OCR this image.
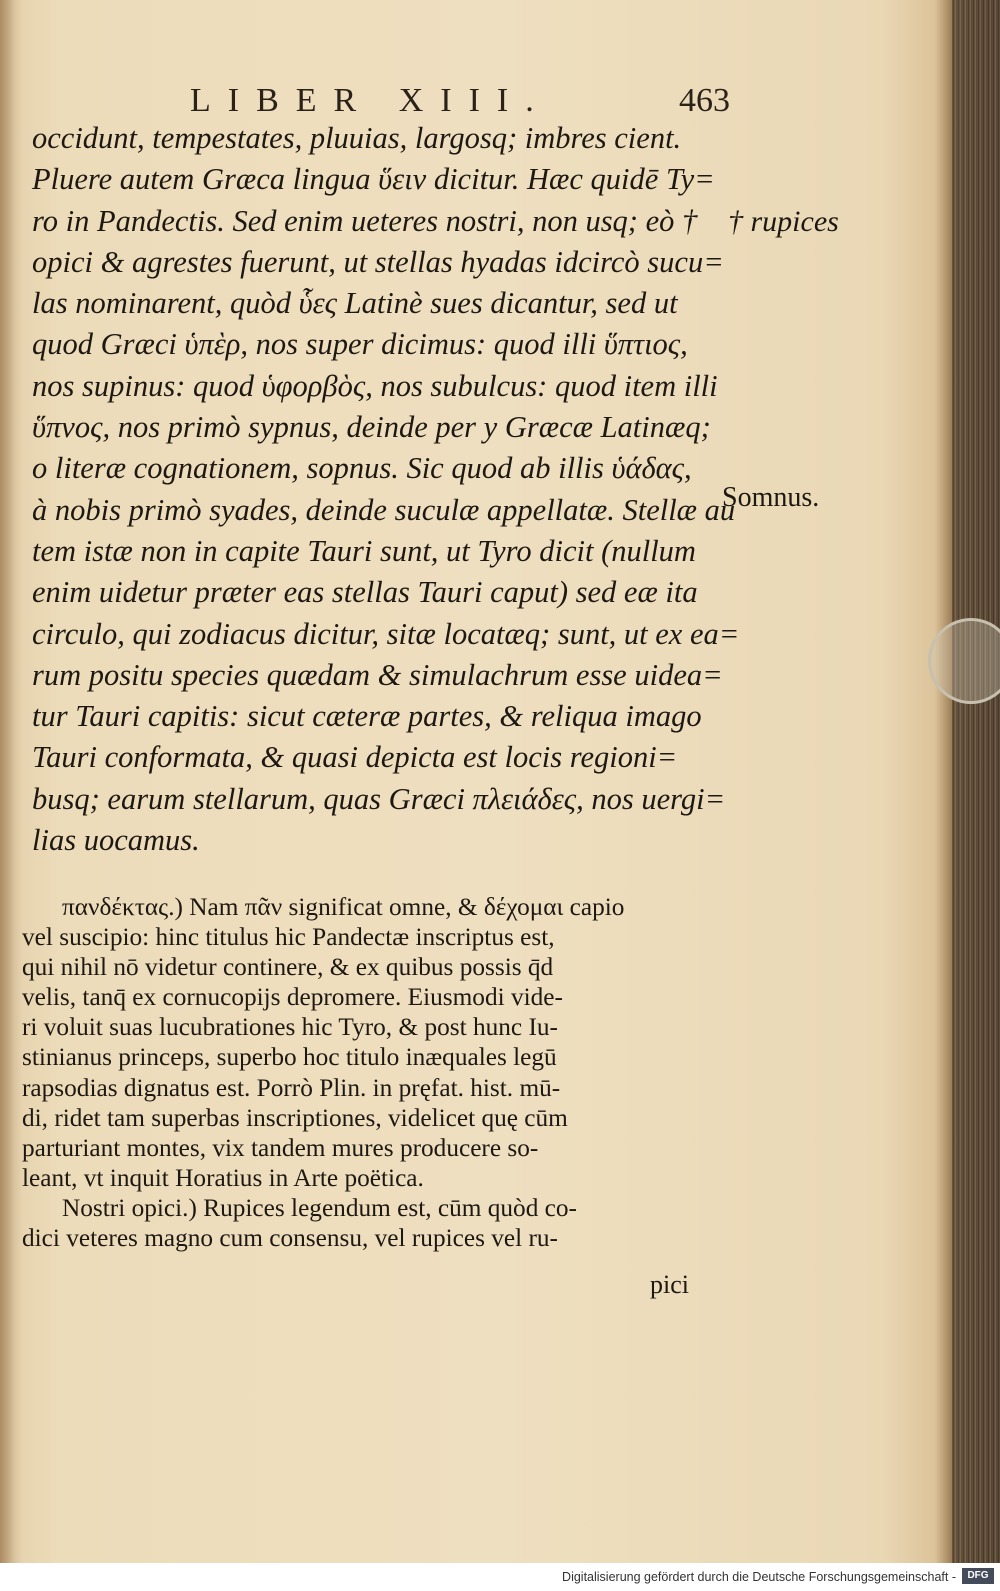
LIBER XIII.	463
occidunt, tempestates, pluuias, largosq; imbres cient.
Pluere autem Græca lingua ὕειν dicitur. Hæc quidē Ty=
ro in Pandectis. Sed enim ueteres nostri, non usq; eò †
opici & agrestes fuerunt, ut stellas hyadas idcircò sucu=
las nominarent, quòd ὗες Latinè sues dicantur, sed ut
quod Græci ὑπὲρ, nos super dicimus: quod illi ὕπτιος,
nos supinus: quod ὑφορβὸς, nos subulcus: quod item illi
ὕπνος, nos primò sypnus, deinde per y Græcæ Latinæq;
o literæ cognationem, sopnus. Sic quod ab illis ὑάδας,
à nobis primò syades, deinde suculæ appellatæ. Stellæ au
tem istæ non in capite Tauri sunt, ut Tyro dicit (nullum
enim uidetur præter eas stellas Tauri caput) sed eæ ita
circulo, qui zodiacus dicitur, sitæ locatæq; sunt, ut ex ea=
rum positu species quædam & simulachrum esse uidea=
tur Tauri capitis: sicut cæteræ partes, & reliqua imago
Tauri conformata, & quasi depicta est locis regioni=
busq; earum stellarum, quas Græci πλειάδες, nos uergi=
lias uocamus.
† rupices
Somnus.
πανδέκτας.) Nam πᾶν significat omne, & δέχομαι capio
vel suscipio: hinc titulus hic Pandectæ inscriptus est,
qui nihil nō videtur continere, & ex quibus possis q̄d
velis, tanq̄ ex cornucopijs depromere. Eiusmodi vide-
ri voluit suas lucubrationes hic Tyro, & post hunc Iu-
stinianus princeps, superbo hoc titulo inæquales legū
rapsodias dignatus est. Porrò Plin. in pręfat. hist. mū-
di, ridet tam superbas inscriptiones, videlicet quę cūm
parturiant montes, vix tandem mures producere so-
leant, vt inquit Horatius in Arte poëtica.
Nostri opici.) Rupices legendum est, cūm quòd co-
dici veteres magno cum consensu, vel rupices vel ru-
pici
Digitalisierung gefördert durch die Deutsche Forschungsgemeinschaft -	DFG
